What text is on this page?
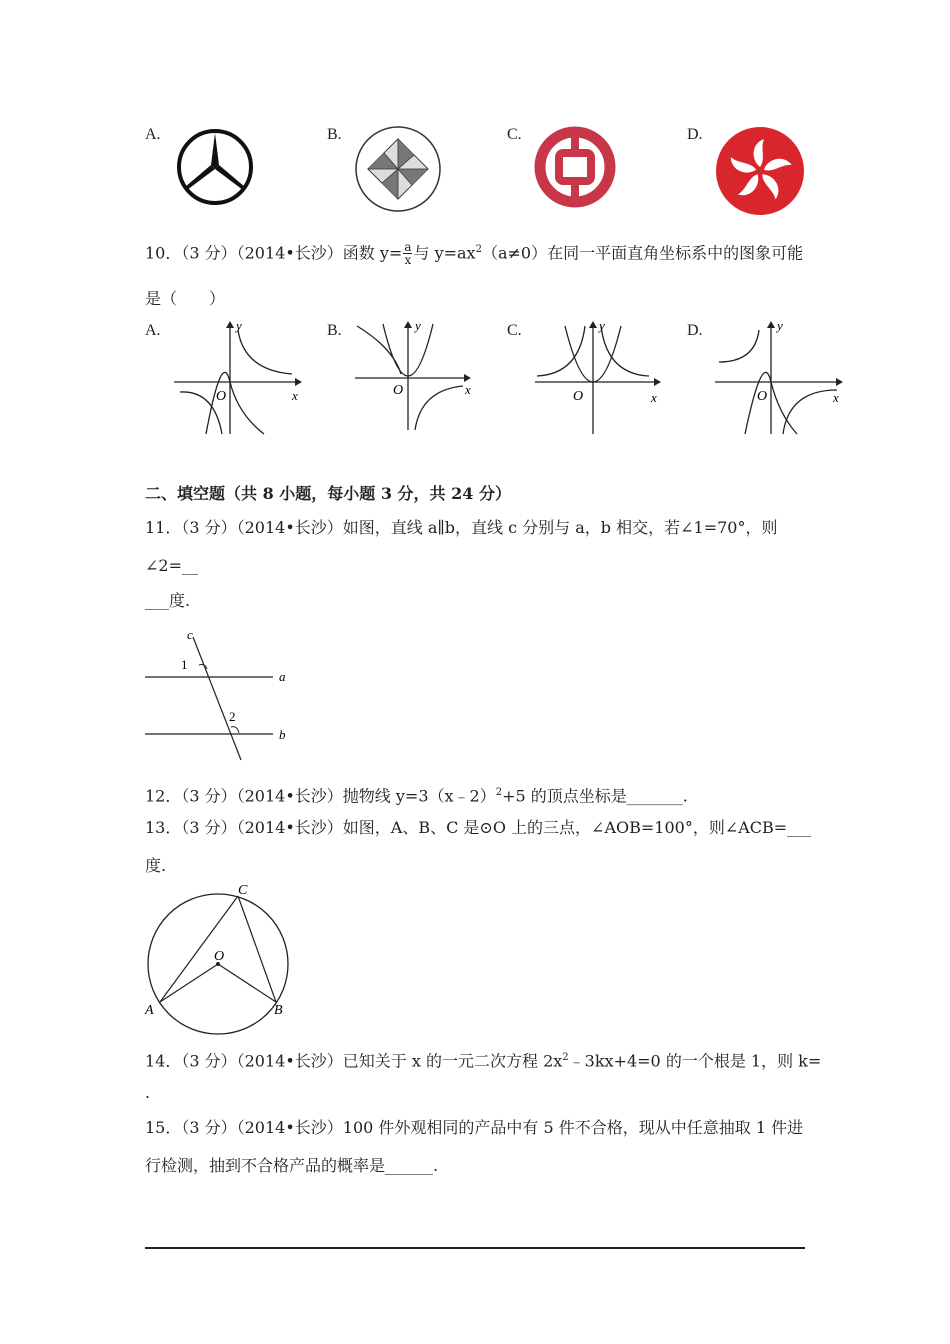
A.	B.	C.	D.
10．（3 分）（2014•长沙）函数 $y= \frac{a}{x}$ 与 $y=ax^2(a\ne 0)$在同一平面直角坐标系中的图象可能
是（　　）
A.	B.	C.	D.
O	x
y
O	x
y
O	x
y
O	x
y
二、填空题（共 8 小题，每小题 3 分，共 24 分）
11．（3 分）（2014•长沙）如图，直线 a∥b，直线 c 分别与 a，b 相交，若∠1=70°，则
∠2=__
___度.
c
1
a
2
b
12．（3 分）（2014•长沙）抛物线 y=3（x﹣2）$^2$+5 的顶点坐标是_______.
13．（3 分）（2014•长沙）如图，A、B、C 是⊙O 上的三点，∠AOB=100°，则∠ACB=___
度.
C
O
A	B
14．（3 分）（2014•长沙）已知关于 x 的一元二次方程 $2x^2﹣3kx+4=0$ 的一个根是 1，则 k=
.
15．（3 分）（2014•长沙）100 件外观相同的产品中有 5 件不合格，现从中任意抽取 1 件进
行检测，抽到不合格产品的概率是______.
